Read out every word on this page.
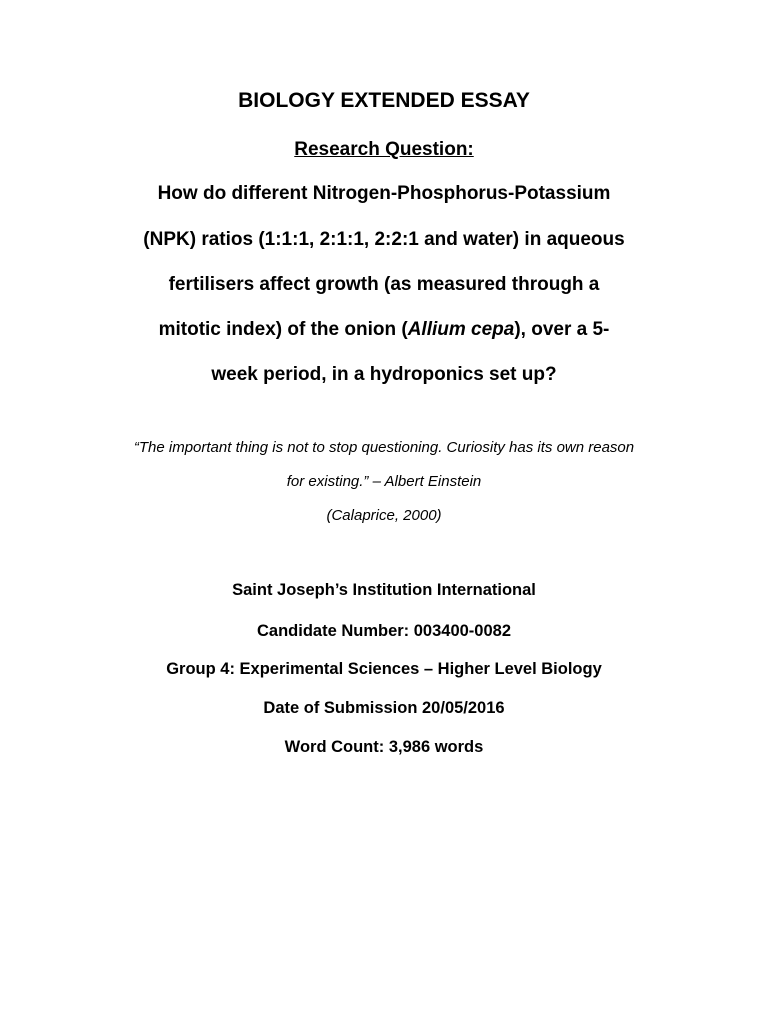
BIOLOGY EXTENDED ESSAY
Research Question:
How do different Nitrogen-Phosphorus-Potassium
(NPK) ratios (1:1:1, 2:1:1, 2:2:1 and water) in aqueous
fertilisers affect growth (as measured through a
mitotic index) of the onion (Allium cepa), over a 5-
week period, in a hydroponics set up?
“The important thing is not to stop questioning. Curiosity has its own reason
for existing.” – Albert Einstein
(Calaprice, 2000)
Saint Joseph’s Institution International
Candidate Number: 003400-0082
Group 4: Experimental Sciences – Higher Level Biology
Date of Submission 20/05/2016
Word Count: 3,986 words
